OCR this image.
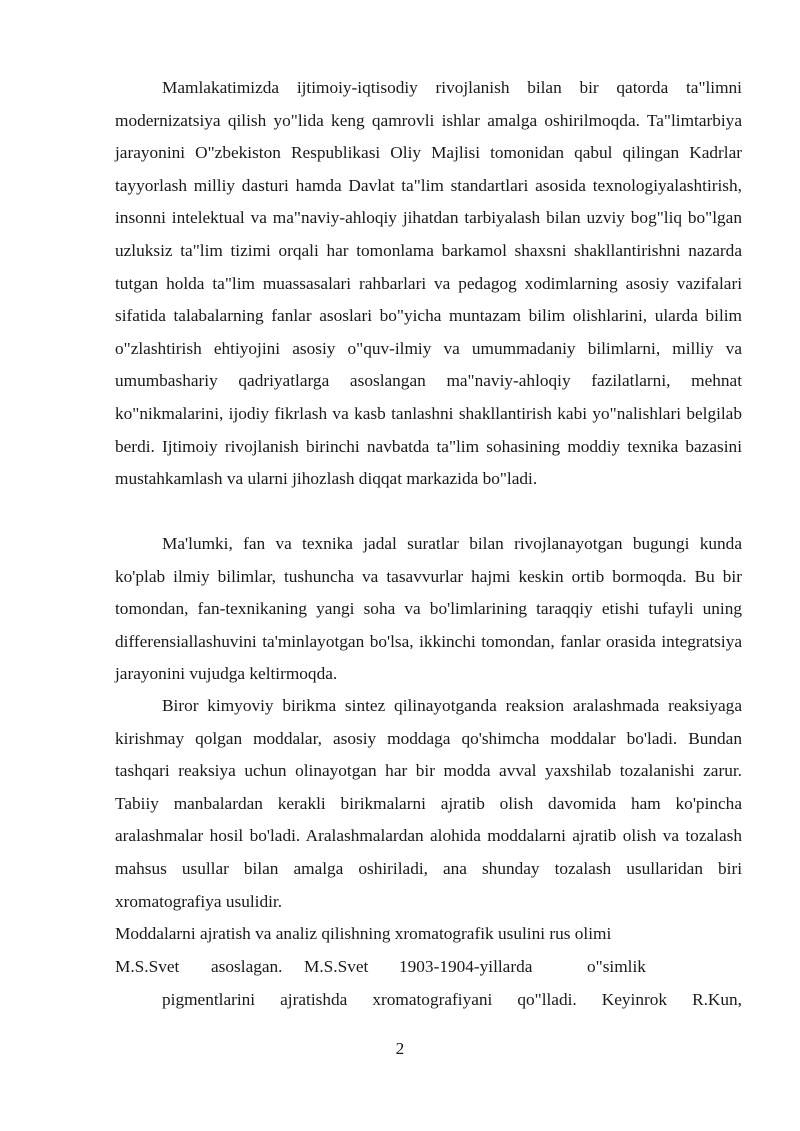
Mamlakatimizda ijtimoiy-iqtisodiy rivojlanish bilan bir qatorda ta"limni modernizatsiya qilish yo"lida keng qamrovli ishlar amalga oshirilmoqda. Ta"limtarbiya jarayonini O"zbekiston Respublikasi Oliy Majlisi tomonidan qabul qilingan Kadrlar tayyorlash milliy dasturi hamda Davlat ta"lim standartlari asosida texnologiyalashtirish, insonni intelektual va ma"naviy-ahloqiy jihatdan tarbiyalash bilan uzviy bog"liq bo"lgan uzluksiz ta"lim tizimi orqali har tomonlama barkamol shaxsni shakllantirishni nazarda tutgan holda ta"lim muassasalari rahbarlari va pedagog xodimlarning asosiy vazifalari sifatida talabalarning fanlar asoslari bo"yicha muntazam bilim olishlarini, ularda bilim o"zlashtirish ehtiyojini asosiy o"quv-ilmiy va umummadaniy bilimlarni, milliy va umumbashariy qadriyatlarga asoslangan ma"naviy-ahloqiy fazilatlarni, mehnat ko"nikmalarini, ijodiy fikrlash va kasb tanlashni shakllantirish kabi yo"nalishlari belgilab berdi. Ijtimoiy rivojlanish birinchi navbatda ta"lim sohasining moddiy texnika bazasini mustahkamlash va ularni jihozlash diqqat markazida bo"ladi.

Ma'lumki, fan va texnika jadal suratlar bilan rivojlanayotgan bugungi kunda ko'plab ilmiy bilimlar, tushuncha va tasavvurlar hajmi keskin ortib bormoqda. Bu bir tomondan, fan-texnikaning yangi soha va bo'limlarining taraqqiy etishi tufayli uning differensiallashuvini ta'minlayotgan bo'lsa, ikkinchi tomondan, fanlar orasida integratsiya jarayonini vujudga keltirmoqda.

Biror kimyoviy birikma sintez qilinayotganda reaksion aralashmada reaksiyaga kirishmay qolgan moddalar, asosiy moddaga qo'shimcha moddalar bo'ladi. Bundan tashqari reaksiya uchun olinayotgan har bir modda avval yaxshilab tozalanishi zarur. Tabiiy manbalardan kerakli birikmalarni ajratib olish davomida ham ko'pincha aralashmalar hosil bo'ladi. Aralashmalardan alohida moddalarni ajratib olish va tozalash mahsus usullar bilan amalga oshiriladi, ana shunday tozalash usullaridan biri xromatografiya usulidir.

Moddalarni ajratish va analiz qilishning xromatografik usulini rus olimi

M.S.Svet asoslagan. M.S.Svet 1903-1904-yillarda	o"simlik

pigmentlarini ajratishda xromatografiyani qo"lladi. Keyinrok R.Kun,

2
